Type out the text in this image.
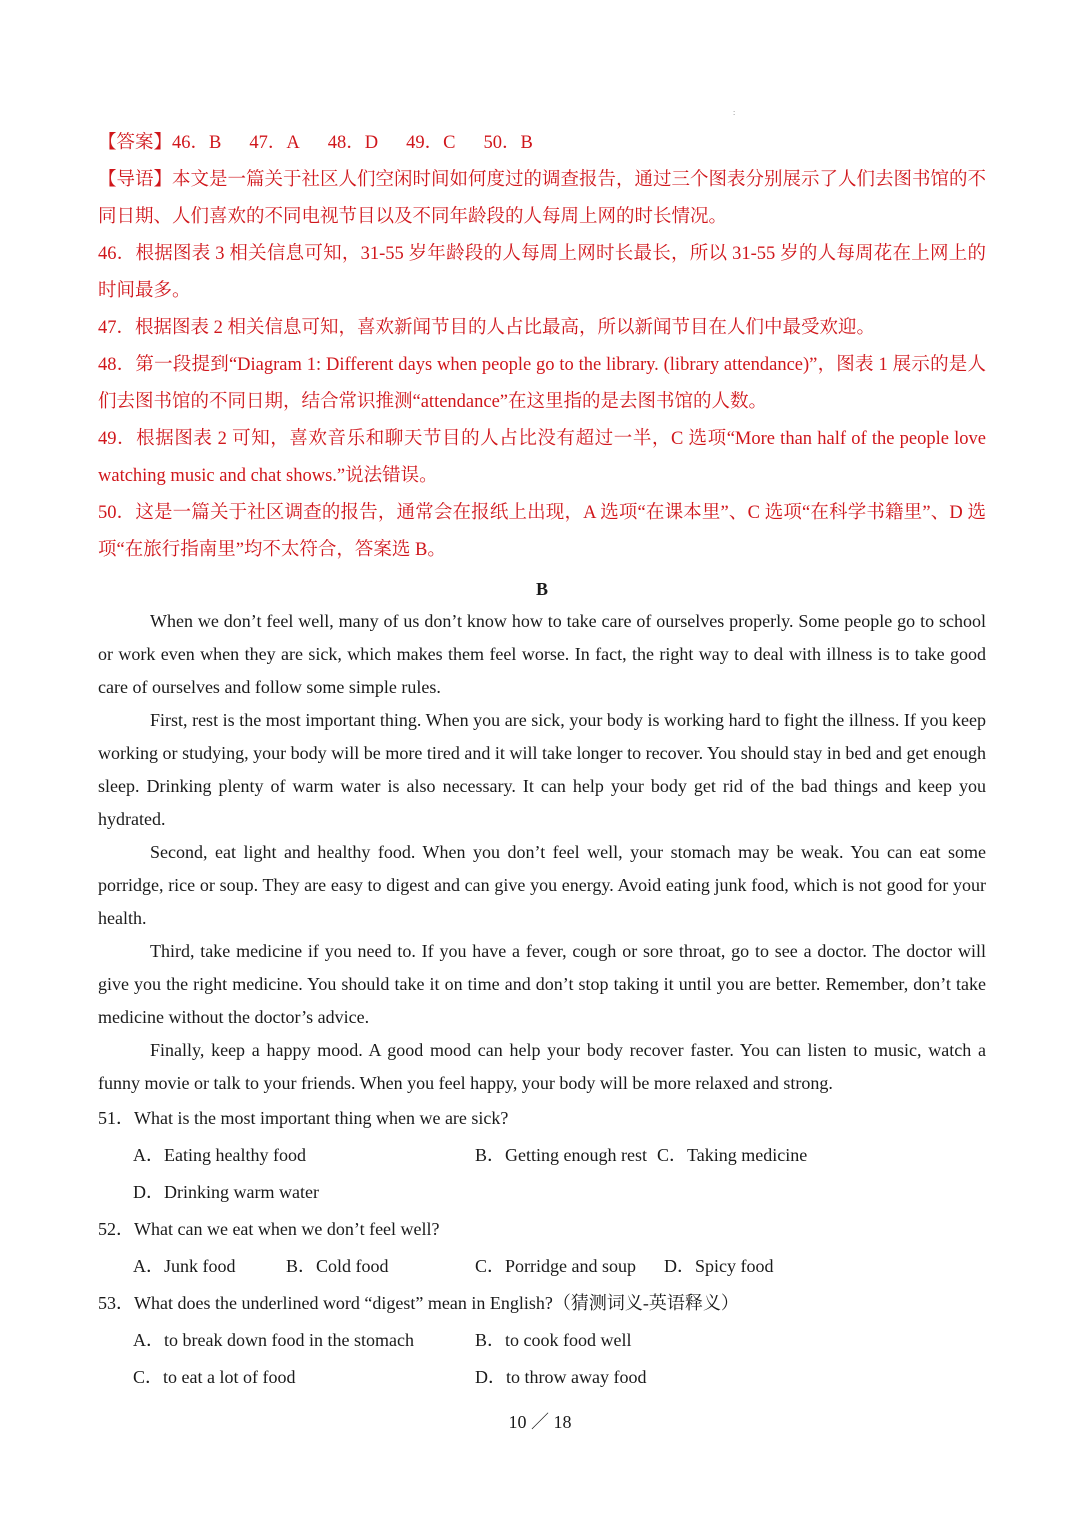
:

【答案】46．B 47．A 48．D 49．C 50．B

【导语】本文是一篇关于社区人们空闲时间如何度过的调查报告，通过三个图表分别展示了人们去图书馆的不同日期、人们喜欢的不同电视节目以及不同年龄段的人每周上网的时长情况。

46．根据图表 3 相关信息可知，31-55 岁年龄段的人每周上网时长最长，所以 31-55 岁的人每周花在上网上的时间最多。

47．根据图表 2 相关信息可知，喜欢新闻节目的人占比最高，所以新闻节目在人们中最受欢迎。

48．第一段提到“Diagram 1: Different days when people go to the library. (library attendance)”，图表 1 展示的是人们去图书馆的不同日期，结合常识推测“attendance”在这里指的是去图书馆的人数。

49．根据图表 2 可知，喜欢音乐和聊天节目的人占比没有超过一半，C 选项“More than half of the people love watching music and chat shows.”说法错误。

50．这是一篇关于社区调查的报告，通常会在报纸上出现，A 选项“在课本里”、C 选项“在科学书籍里”、D 选项“在旅行指南里”均不太符合，答案选 B。

B

When we don’t feel well, many of us don’t know how to take care of ourselves properly. Some people go to school or work even when they are sick, which makes them feel worse. In fact, the right way to deal with illness is to take good care of ourselves and follow some simple rules.

First, rest is the most important thing. When you are sick, your body is working hard to fight the illness. If you keep working or studying, your body will be more tired and it will take longer to recover. You should stay in bed and get enough sleep. Drinking plenty of warm water is also necessary. It can help your body get rid of the bad things and keep you hydrated.

Second, eat light and healthy food. When you don’t feel well, your stomach may be weak. You can eat some porridge, rice or soup. They are easy to digest and can give you energy. Avoid eating junk food, which is not good for your health.

Third, take medicine if you need to. If you have a fever, cough or sore throat, go to see a doctor. The doctor will give you the right medicine. You should take it on time and don’t stop taking it until you are better. Remember, don’t take medicine without the doctor’s advice.

Finally, keep a happy mood. A good mood can help your body recover faster. You can listen to music, watch a funny movie or talk to your friends. When you feel happy, your body will be more relaxed and strong.

51．What is the most important thing when we are sick?

A．Eating healthy food	B．Getting enough rest C．Taking medicineD．Drinking warm water

52．What can we eat when we don’t feel well?

A．Junk food	B．Cold food	C．Porridge and soup D．Spicy food

53．What does the underlined word “digest” mean in English?（猜测词义-英语释义）

A．to break down food in the stomach	B．to cook food well
C．to eat a lot of food	D．to throw away food
10 ／ 18
